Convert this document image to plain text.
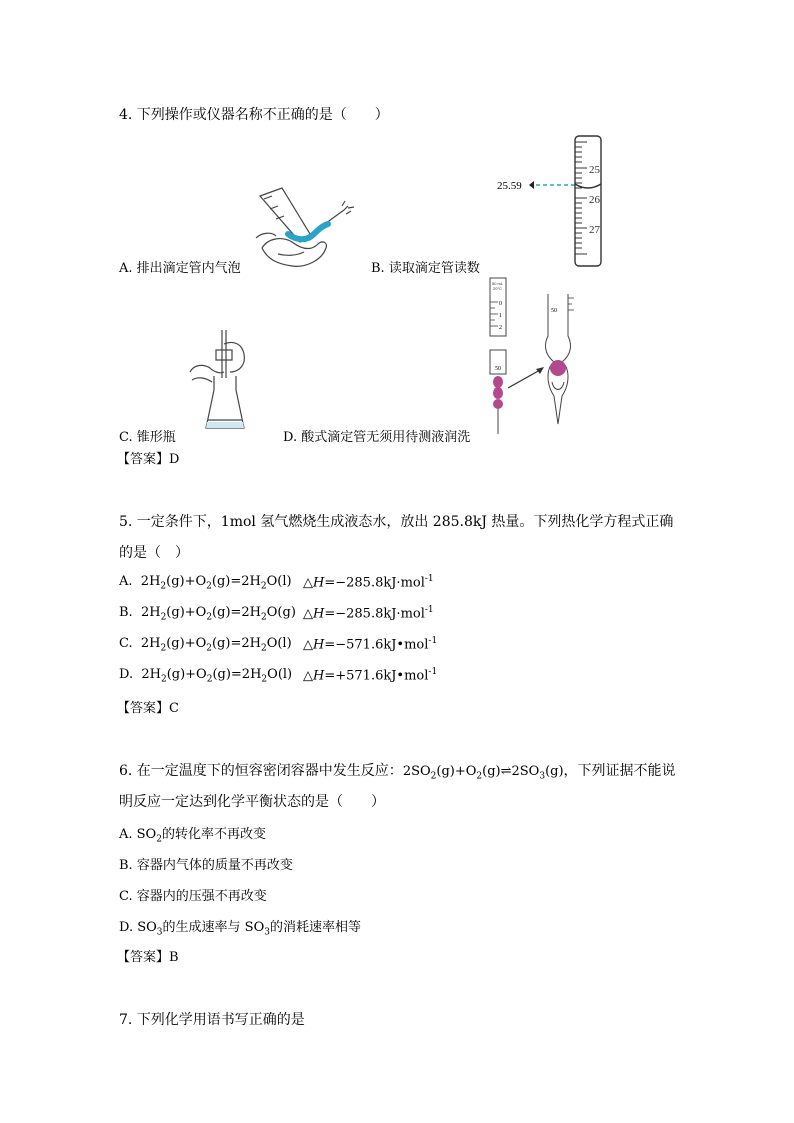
4. 下列操作或仪器名称不正确的是（　　）
A. 排出滴定管内气泡
25.59
25
26
27
B. 读取滴定管读数
C. 锥形瓶
50 mL
20°C
0
1
2
50
50
D. 酸式滴定管无须用待测液润洗
【答案】D
5. 一定条件下，1mol 氢气燃烧生成液态水，放出 285.8kJ 热量。下列热化学方程式正确
的是（　）
A.  $2H_2(g)+O_2(g)=2H_2O(l)$ △H=−285.8kJ·mol$^{-1}$
B.  $2H_2(g)+O_2(g)=2H_2O(g)$ △H=−285.8kJ·mol$^{-1}$
C.  $2H_2(g)+O_2(g)=2H_2O(l)$ △H=−571.6kJ•mol$^{-1}$
D.  $2H_2(g)+O_2(g)=2H_2O(l)$ △H=+571.6kJ•mol$^{-1}$
【答案】C
6. 在一定温度下的恒容密闭容器中发生反应：$2SO_2(g)+O_2(g)\rightleftharpoons 2SO_3(g)$，下列证据不能说
明反应一定达到化学平衡状态的是（　　）
A. $SO_2$的转化率不再改变
B. 容器内气体的质量不再改变
C. 容器内的压强不再改变
D. $SO_3$的生成速率与 $SO_3$的消耗速率相等
【答案】B
7. 下列化学用语书写正确的是
